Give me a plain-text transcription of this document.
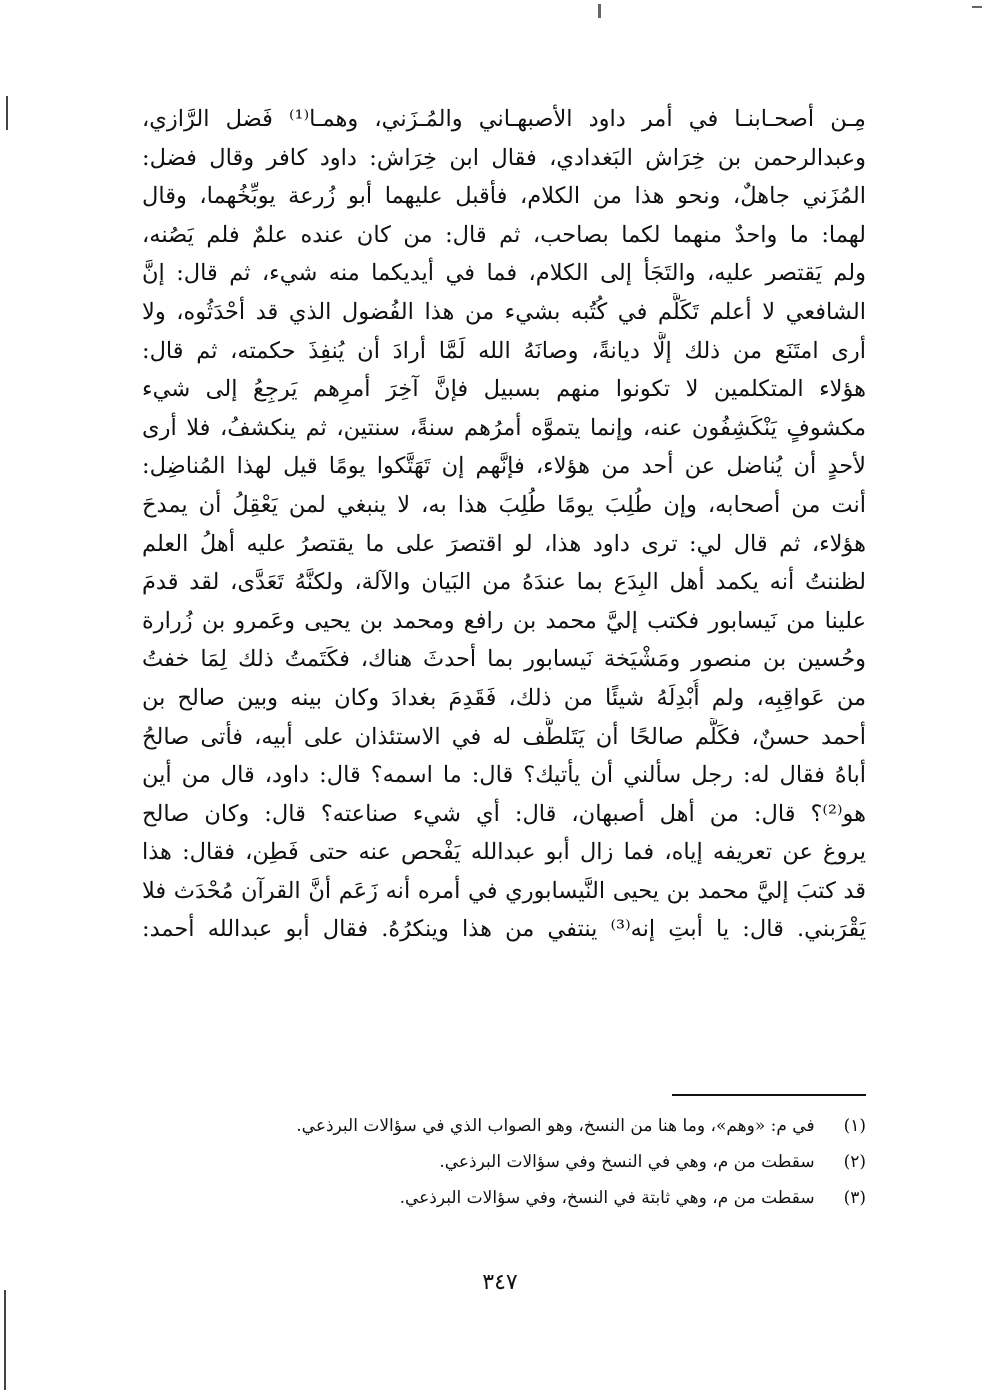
مِـن أصحـابنـا في أمر داود الأصبهـاني والمُـزَني، وهمـا⁽¹⁾ فَضل الرَّازي،
وعبدالرحمن بن خِرَاش البَغدادي، فقال ابن خِرَاش: داود كافر وقال فضل:
المُزَني جاهلٌ، ونحو هذا من الكلام، فأقبل عليهما أبو زُرعة يوبِّخُهما، وقال
لهما: ما واحدٌ منهما لكما بصاحب، ثم قال: من كان عنده علمٌ فلم يَصُنه،
ولم يَقتصر عليه، والتَجَأ إلى الكلام، فما في أيديكما منه شيء، ثم قال: إنَّ
الشافعي لا أعلم تَكَلَّم في كُتُبه بشيء من هذا الفُضول الذي قد أحْدَثُوه، ولا
أرى امتَنَع من ذلك إلَّا ديانةً، وصانَهُ الله لَمَّا أرادَ أن يُنفِذَ حكمته، ثم قال:
هؤلاء المتكلمين لا تكونوا منهم بسبيل فإنَّ آخِرَ أمرِهم يَرجِعُ إلى شيء
مكشوفٍ يَنْكَشِفُون عنه، وإنما يتموَّه أمرُهم سنةً، سنتين، ثم ينكشفُ، فلا أرى
لأحدٍ أن يُناضل عن أحد من هؤلاء، فإنَّهم إن تَهَتَّكوا يومًا قيل لهذا المُناضِل:
أنت من أصحابه، وإن طُلِبَ يومًا طُلِبَ هذا به، لا ينبغي لمن يَعْقِلُ أن يمدحَ
هؤلاء، ثم قال لي: ترى داود هذا، لو اقتصرَ على ما يقتصرُ عليه أهلُ العلم
لظننتُ أنه يكمد أهل البِدَع بما عندَهُ من البَيان والآلة، ولكنَّهُ تَعَدَّى، لقد قدمَ
علينا من نَيسابور فكتب إليَّ محمد بن رافع ومحمد بن يحيى وعَمرو بن زُرارة
وحُسين بن منصور ومَشْيَخة نَيسابور بما أحدثَ هناك، فكَتَمتُ ذلك لِمَا خفتُ
من عَواقِبِه، ولم أُبْدِلَهُ شيئًا من ذلك، فَقَدِمَ بغدادَ وكان بينه وبين صالح بن
أحمد حسنٌ، فكَلَّم صالحًا أن يَتَلطَّف له في الاستئذان على أبيه، فأتى صالحُ
أباهُ فقال له: رجل سألني أن يأتيك؟ قال: ما اسمه؟ قال: داود، قال من أين
هو⁽²⁾؟ قال: من أهل أصبهان، قال: أي شيء صناعته؟ قال: وكان صالح
يروغ عن تعريفه إياه، فما زال أبو عبدالله يَفْحص عنه حتى فَطِن، فقال: هذا
قد كتبَ إليَّ محمد بن يحيى النَّيسابوري في أمره أنه زَعَم أنَّ القرآن مُحْدَث فلا
يَقْرَبني. قال: يا أبتِ إنه⁽³⁾ ينتفي من هذا وينكرُهُ. فقال أبو عبدالله أحمد:
(١) في م: «وهم»، وما هنا من النسخ، وهو الصواب الذي في سؤالات البرذعي.
(٢) سقطت من م، وهي في النسخ وفي سؤالات البرذعي.
(٣) سقطت من م، وهي ثابتة في النسخ، وفي سؤالات البرذعي.
٣٤٧
